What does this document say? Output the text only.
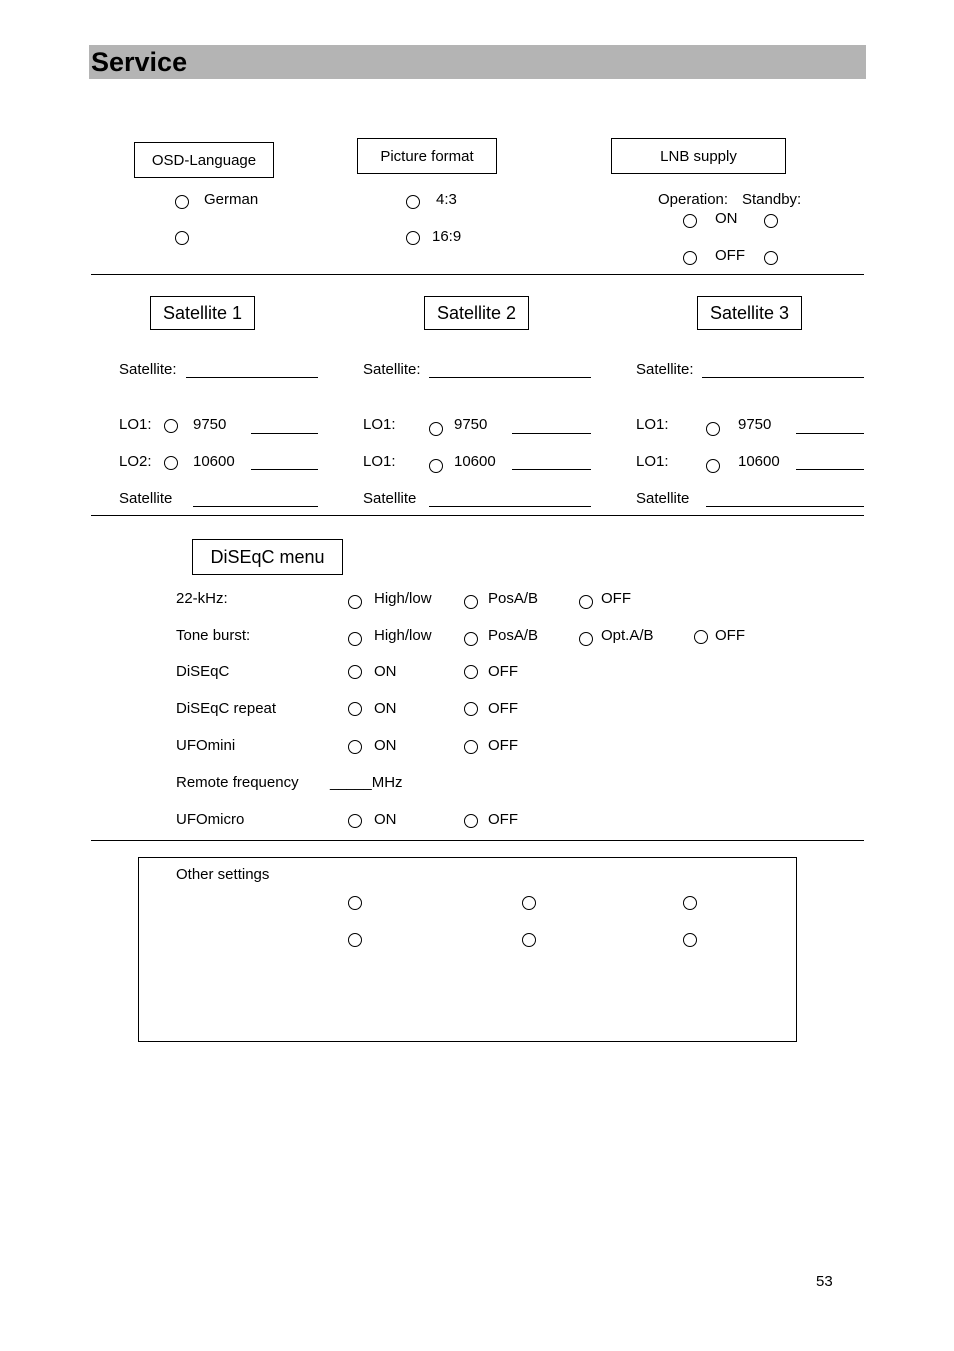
Service
OSD-Language	Picture format	LNB supply
German	4:3
16:9
Operation: Standby:
ON
OFF
Satellite 1	Satellite 2	Satellite 3
Satellite:
LO1:	9750
LO2:	10600
Satellite
Satellite:
LO1:	9750
LO1:	10600
Satellite
Satellite:
LO1:	9750
LO1:	10600
Satellite
DiSEqC menu
22-kHz:	High/low	PosA/B	OFF
Tone burst:	High/low	PosA/B	Opt.A/B	OFF
DiSEqC	ON	OFF
DiSEqC repeat	ON	OFF
UFOmini	ON	OFF
Remote frequency _____MHz
UFOmicro	ON	OFF
Other settings
53
